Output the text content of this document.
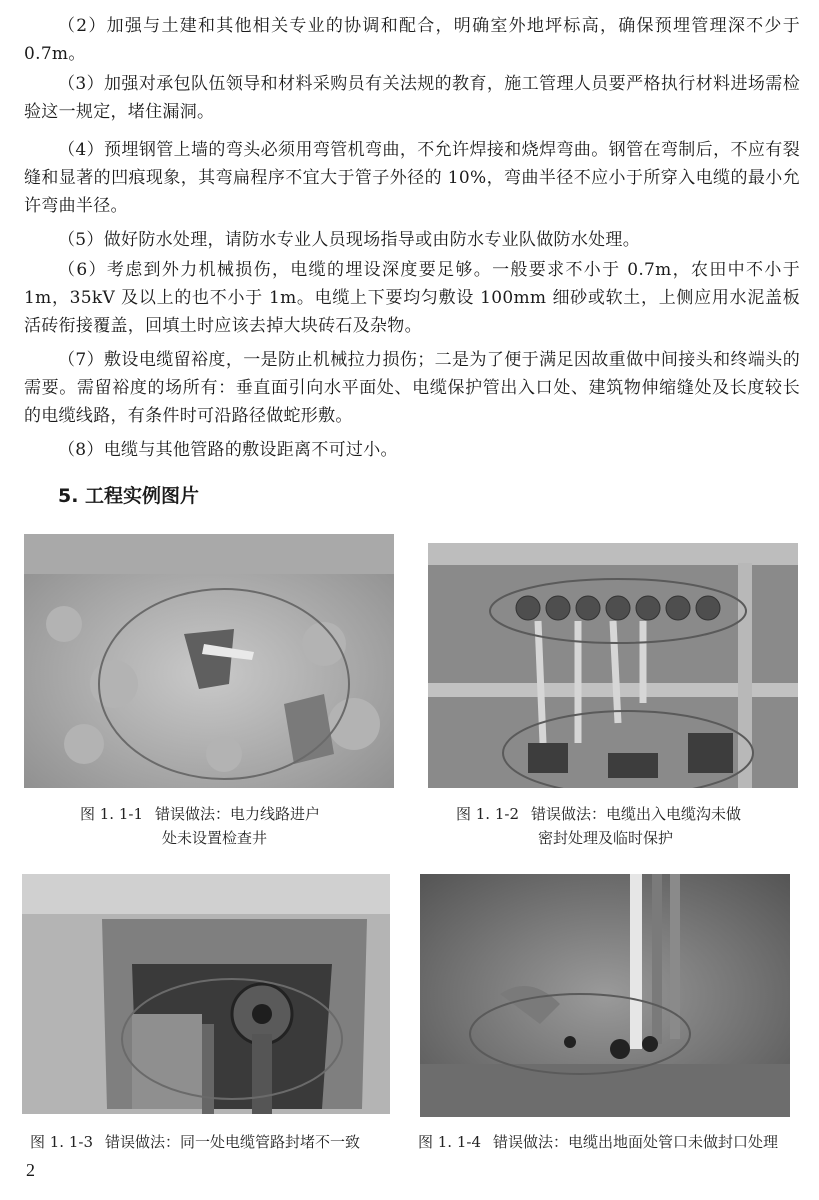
（2）加强与土建和其他相关专业的协调和配合，明确室外地坪标高，确保预埋管理深不少于 0.7m。

（3）加强对承包队伍领导和材料采购员有关法规的教育，施工管理人员要严格执行材料进场需检验这一规定，堵住漏洞。

（4）预埋钢管上墙的弯头必须用弯管机弯曲，不允许焊接和烧焊弯曲。钢管在弯制后，不应有裂缝和显著的凹痕现象，其弯扁程序不宜大于管子外径的 10%，弯曲半径不应小于所穿入电缆的最小允许弯曲半径。

（5）做好防水处理，请防水专业人员现场指导或由防水专业队做防水处理。

（6）考虑到外力机械损伤，电缆的埋设深度要足够。一般要求不小于 0.7m，农田中不小于 1m，35kV 及以上的也不小于 1m。电缆上下要均匀敷设 100mm 细砂或软土，上侧应用水泥盖板活砖衔接覆盖，回填土时应该去掉大块砖石及杂物。

（7）敷设电缆留裕度，一是防止机械拉力损伤；二是为了便于满足因故重做中间接头和终端头的需要。需留裕度的场所有：垂直面引向水平面处、电缆保护管出入口处、建筑物伸缩缝处及长度较长的电缆线路，有条件时可沿路径做蛇形敷。

（8）电缆与其他管路的敷设距离不可过小。

5. 工程实例图片
图 1. 1-1 错误做法：电力线路进户
处未设置检查井
图 1. 1-2 错误做法：电缆出入电缆沟未做
密封处理及临时保护
图 1. 1-3 错误做法：同一处电缆管路封堵不一致	图 1. 1-4 错误做法：电缆出地面处管口未做封口处理
2
